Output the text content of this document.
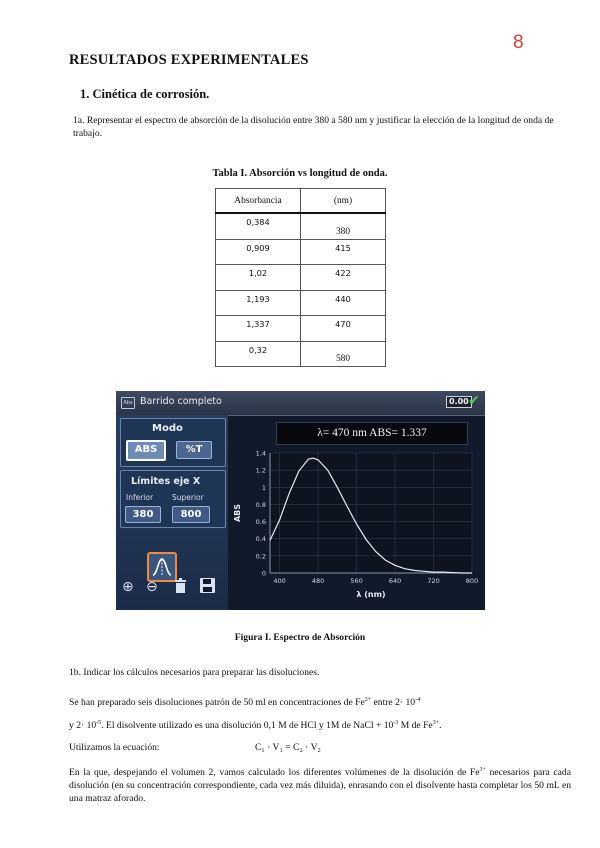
8
RESULTADOS EXPERIMENTALES
1. Cinética de corrosión.
1a. Representar el espectro de absorción de la disolución entre 380 a 580 nm y justificar la elección de la longitud de onda de trabajo.
Tabla I. Absorción vs longitud de onda.
Absorbancia	(nm)
0,384	380
0,909	415
1,02	422
1,193	440
1,337	470
0,32	580
Abs Barrido completo	0.00 ✔
Modo
ABS	%T
Límites eje X
Inferior	Superior
380	800
⊕ ⊖
λ= 470 nm ABS= 1.337
0
0.2
0.4
0.6
0.8
1
1.2
1.4
400	480	560	640	720	800
λ (nm)
ABS
Figura I. Espectro de Absorción
1b. Indicar los cálculos necesarios para preparar las disoluciones.
Se han preparado seis disoluciones patrón de 50 ml en concentraciones de $Fe^{2+}$ entre $2\cdot 10^{-4}$
y $2\cdot 10^{-5}$. El disolvente utilizado es una disolución 0,1 M de HCl y 1M de NaCl + $10^{-3}$ M de $Fe^{3+}$.
Utilizamos la ecuación:	C₁ · V₁ = C₂ · V₂
En la que, despejando el volumen 2, vamos calculado los diferentes volúmenes de la disolución de $Fe^{3+}$ necesarios para cada disolución (en su concentración correspondiente, cada vez más diluida), enrasando con el disolvente hasta completar los 50 mL en una matraz aforado.
